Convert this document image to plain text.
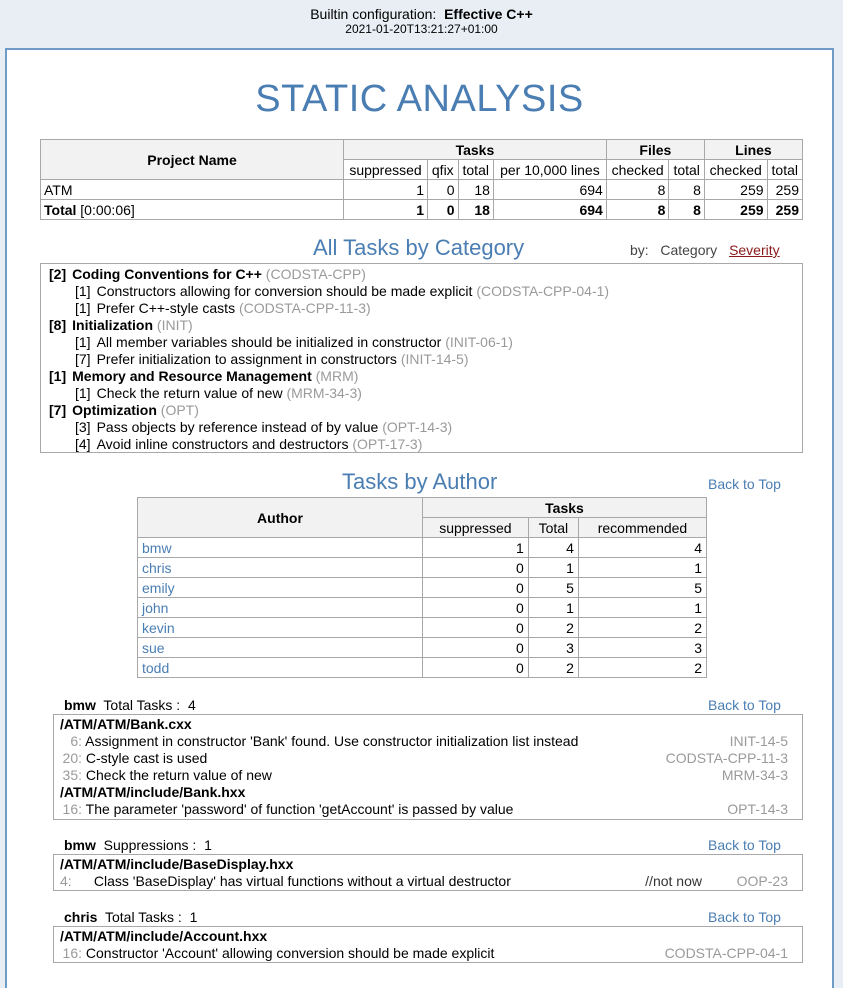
Builtin configuration: Effective C++
2021-01-20T13:21:27+01:00
STATIC ANALYSIS
Project Name	Tasks				Files		Lines	
	suppressed	qfix	total	per 10,000 lines	checked	total	checked	total
ATM	1	0	18	694	8	8	259	259
Total [0:00:06]	1	0	18	694	8	8	259	259
All Tasks by Category	by: Category Severity
[2] Coding Conventions for C++ (CODSTA-CPP)
[1] Constructors allowing for conversion should be made explicit (CODSTA-CPP-04-1)
[1] Prefer C++-style casts (CODSTA-CPP-11-3)
[8] Initialization (INIT)
[1] All member variables should be initialized in constructor (INIT-06-1)
[7] Prefer initialization to assignment in constructors (INIT-14-5)
[1] Memory and Resource Management (MRM)
[1] Check the return value of new (MRM-34-3)
[7] Optimization (OPT)
[3] Pass objects by reference instead of by value (OPT-14-3)
[4] Avoid inline constructors and destructors (OPT-17-3)
Tasks by Author	Back to Top
Author	Tasks		
	suppressed	Total	recommended
bmw	1	4	4
chris	0	1	1
emily	0	5	5
john	0	1	1
kevin	0	2	2
sue	0	3	3
todd	0	2	2
bmw Total Tasks : 4	Back to Top
/ATM/ATM/Bank.cxx
6: Assignment in constructor 'Bank' found. Use constructor initialization list instead	INIT-14-5
20: C-style cast is used	CODSTA-CPP-11-3
35: Check the return value of new	MRM-34-3
/ATM/ATM/include/Bank.hxx
16: The parameter 'password' of function 'getAccount' is passed by value	OPT-14-3
bmw Suppressions : 1	Back to Top
/ATM/ATM/include/BaseDisplay.hxx
4: Class 'BaseDisplay' has virtual functions without a virtual destructor	//not now OOP-23
chris Total Tasks : 1	Back to Top
/ATM/ATM/include/Account.hxx
16: Constructor 'Account' allowing conversion should be made explicit	CODSTA-CPP-04-1
